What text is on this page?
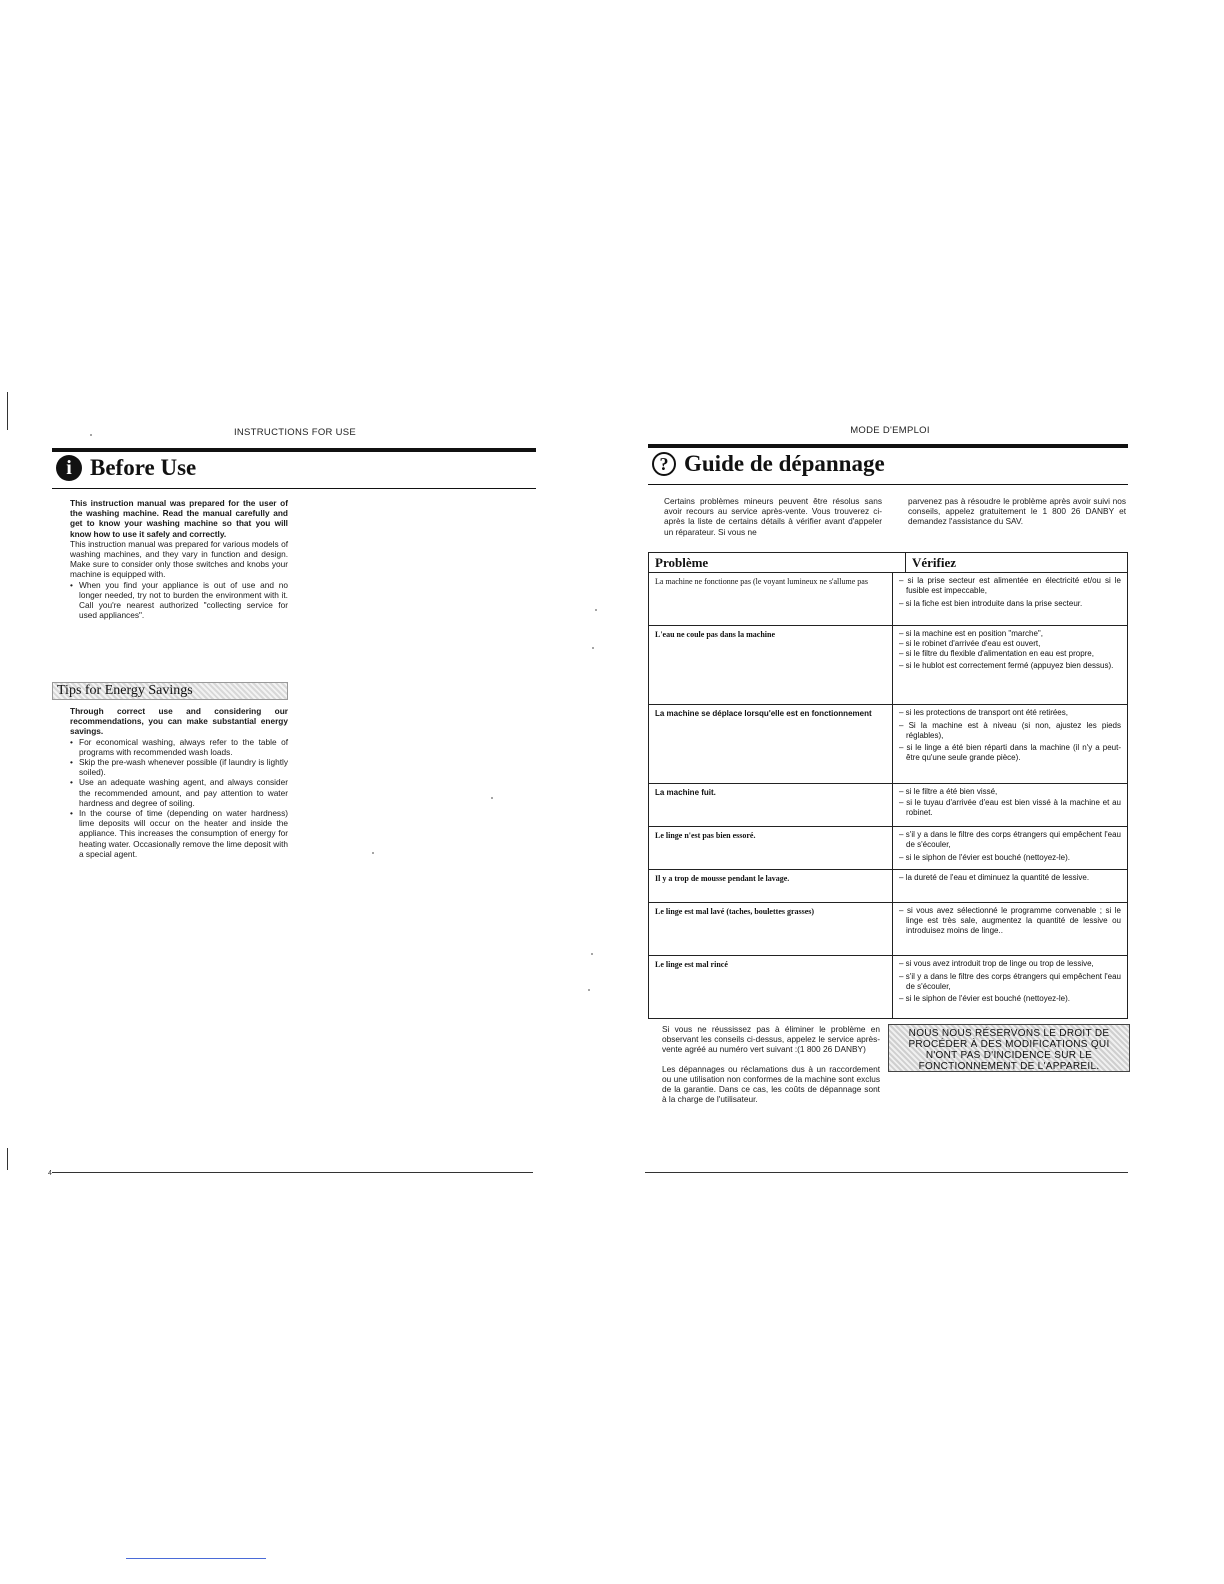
INSTRUCTIONS FOR USE
i Before Use

This instruction manual was prepared for the user of the washing machine. Read the manual carefully and get to know your washing machine so that you will know how to use it safely and correctly.

This instruction manual was prepared for various models of washing machines, and they vary in function and design. Make sure to consider only those switches and knobs your machine is equipped with.

• When you find your appliance is out of use and no longer needed, try not to burden the environment with it. Call you're nearest authorized "collecting service for used appliances".
Tips for Energy Savings

Through correct use and considering our recommendations, you can make substantial energy savings.

• For economical washing, always refer to the table of programs with recommended wash loads.
• Skip the pre-wash whenever possible (if laundry is lightly soiled).
• Use an adequate washing agent, and always consider the recommended amount, and pay attention to water hardness and degree of soiling.
• In the course of time (depending on water hardness) lime deposits will occur on the heater and inside the appliance. This increases the consumption of energy for heating water. Occasionally remove the lime deposit with a special agent.
4
MODE D'EMPLOI
? Guide de dépannage

Certains problèmes mineurs peuvent être résolus sans avoir recours au service après-vente. Vous trouverez ci-après la liste de certains détails à vérifier avant d'appeler un réparateur. Si vous ne

parvenez pas à résoudre le problème après avoir suivi nos conseils, appelez gratuitement le 1 800 26 DANBY et demandez l'assistance du SAV.

Problème	Vérifiez
La machine ne fonctionne pas (le voyant lumineux ne s'allume pas	– si la prise secteur est alimentée en électricité et/ou si le fusible est impeccable,
– si la fiche est bien introduite dans la prise secteur.
L'eau ne coule pas dans la machine	– si la machine est en position "marche",
– si le robinet d'arrivée d'eau est ouvert,
– si le filtre du flexible d'alimentation en eau est propre,
– si le hublot est correctement fermé (appuyez bien dessus).
La machine se déplace lorsqu'elle est en fonctionnement	– si les protections de transport ont été retirées,
– Si la machine est à niveau (si non, ajustez les pieds réglables),
– si le linge a été bien réparti dans la machine (il n'y a peut-être qu'une seule grande pièce).
La machine fuit.	– si le filtre a été bien vissé,
– si le tuyau d'arrivée d'eau est bien vissé à la machine et au robinet.
Le linge n'est pas bien essoré.	– s'il y a dans le filtre des corps étrangers qui empêchent l'eau de s'écouler,
– si le siphon de l'évier est bouché (nettoyez-le).
Il y a trop de mousse pendant le lavage.	– la dureté de l'eau et diminuez la quantité de lessive.
Le linge est mal lavé (taches, boulettes grasses)	– si vous avez sélectionné le programme convenable ; si le linge est très sale, augmentez la quantité de lessive ou introduisez moins de linge..
Le linge est mal rincé	– si vous avez introduit trop de linge ou trop de lessive,
– s'il y a dans le filtre des corps étrangers qui empêchent l'eau de s'écouler,
– si le siphon de l'évier est bouché (nettoyez-le).

Si vous ne réussissez pas à éliminer le problème en observant les conseils ci-dessus, appelez le service après-vente agréé au numéro vert suivant :(1 800 26 DANBY)

Les dépannages ou réclamations dus à un raccordement ou une utilisation non conformes de la machine sont exclus de la garantie. Dans ce cas, les coûts de dépannage sont à la charge de l'utilisateur.

NOUS NOUS RÉSERVONS LE DROIT DE PROCÉDER À DES MODIFICATIONS QUI N'ONT PAS D'INCIDENCE SUR LE FONCTIONNEMENT DE L'APPAREIL.
